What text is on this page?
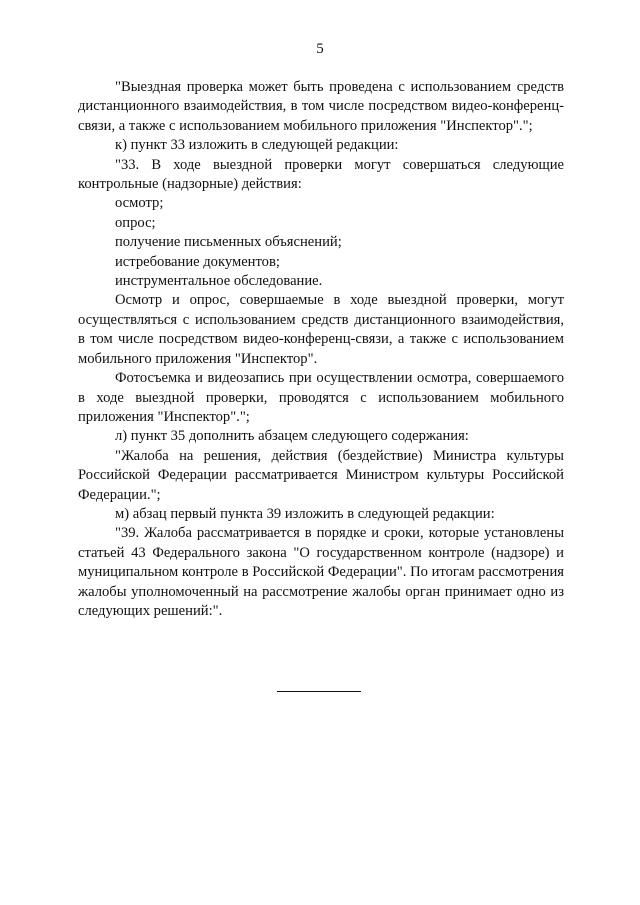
5

"Выездная проверка может быть проведена с использованием средств дистанционного взаимодействия, в том числе посредством видео-конференц-связи, а также с использованием мобильного приложения "Инспектор".";

к) пункт 33 изложить в следующей редакции:

"33. В ходе выездной проверки могут совершаться следующие контрольные (надзорные) действия:

осмотр;

опрос;

получение письменных объяснений;

истребование документов;

инструментальное обследование.

Осмотр и опрос, совершаемые в ходе выездной проверки, могут осуществляться с использованием средств дистанционного взаимодействия, в том числе посредством видео-конференц-связи, а также с использованием мобильного приложения "Инспектор".

Фотосъемка и видеозапись при осуществлении осмотра, совершаемого в ходе выездной проверки, проводятся с использованием мобильного приложения "Инспектор".";

л) пункт 35 дополнить абзацем следующего содержания:

"Жалоба на решения, действия (бездействие) Министра культуры Российской Федерации рассматривается Министром культуры Российской Федерации.";

м) абзац первый пункта 39 изложить в следующей редакции:

"39. Жалоба рассматривается в порядке и сроки, которые установлены статьей 43 Федерального закона "О государственном контроле (надзоре) и муниципальном контроле в Российской Федерации". По итогам рассмотрения жалобы уполномоченный на рассмотрение жалобы орган принимает одно из следующих решений:".
